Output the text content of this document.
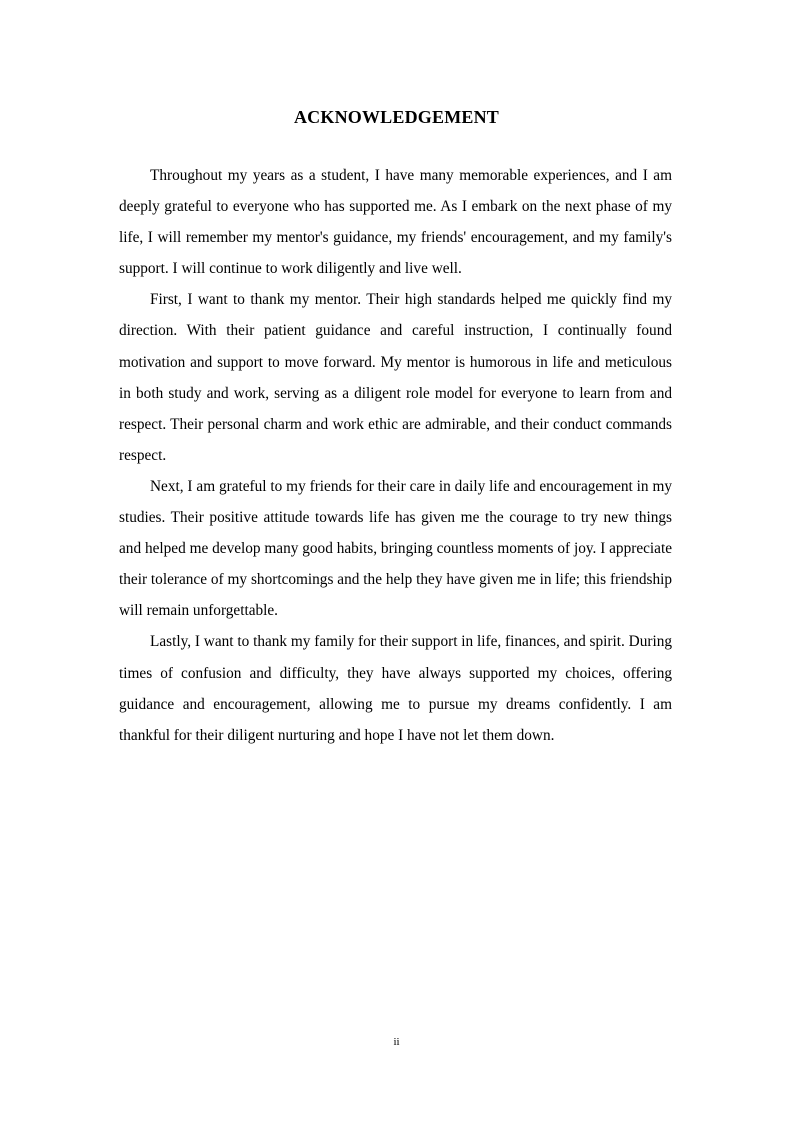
ACKNOWLEDGEMENT

Throughout my years as a student, I have many memorable experiences, and I am deeply grateful to everyone who has supported me. As I embark on the next phase of my life, I will remember my mentor's guidance, my friends' encouragement, and my family's support. I will continue to work diligently and live well.

First, I want to thank my mentor. Their high standards helped me quickly find my direction. With their patient guidance and careful instruction, I continually found motivation and support to move forward. My mentor is humorous in life and meticulous in both study and work, serving as a diligent role model for everyone to learn from and respect. Their personal charm and work ethic are admirable, and their conduct commands respect.

Next, I am grateful to my friends for their care in daily life and encouragement in my studies. Their positive attitude towards life has given me the courage to try new things and helped me develop many good habits, bringing countless moments of joy. I appreciate their tolerance of my shortcomings and the help they have given me in life; this friendship will remain unforgettable.

Lastly, I want to thank my family for their support in life, finances, and spirit. During times of confusion and difficulty, they have always supported my choices, offering guidance and encouragement, allowing me to pursue my dreams confidently. I am thankful for their diligent nurturing and hope I have not let them down.

ii
